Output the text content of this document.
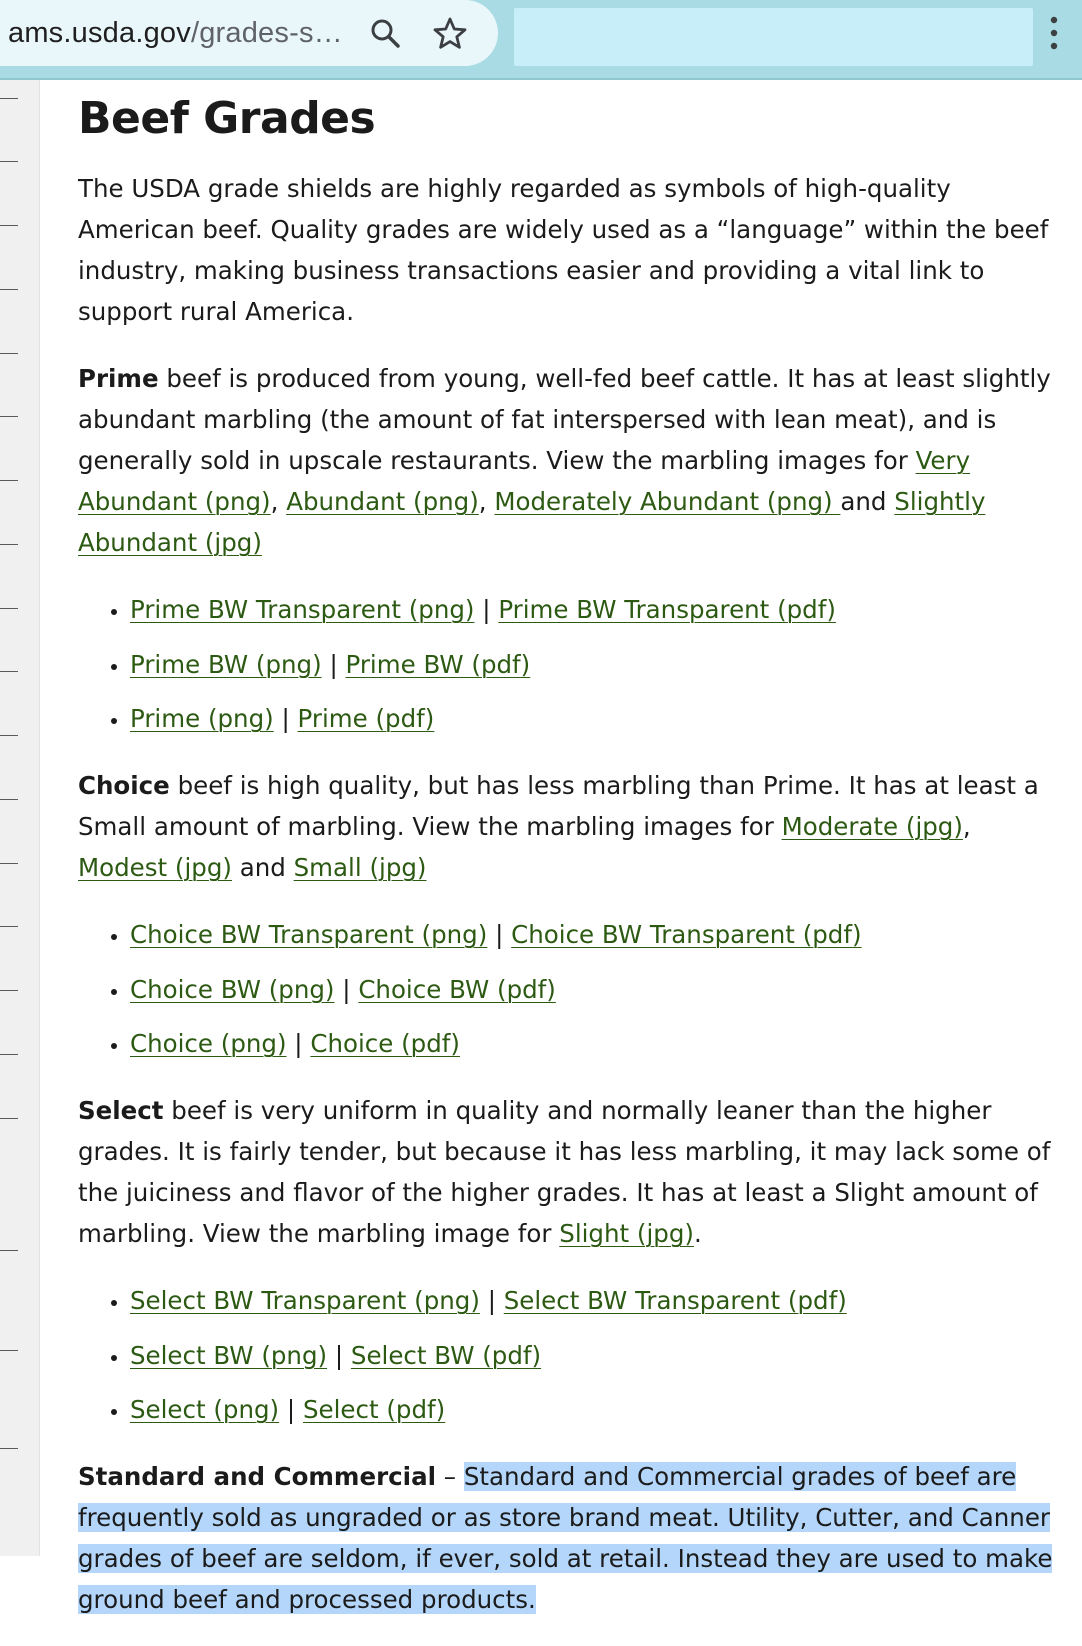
ams.usda.gov/grades-s…
Beef Grades

The USDA grade shields are highly regarded as symbols of high-quality American beef. Quality grades are widely used as a “language” within the beef industry, making business transactions easier and providing a vital link to support rural America.

Prime beef is produced from young, well-fed beef cattle. It has at least slightly abundant marbling (the amount of fat interspersed with lean meat), and is generally sold in upscale restaurants. View the marbling images for Very Abundant (png), Abundant (png), Moderately Abundant (png) and Slightly Abundant (jpg)

• Prime BW Transparent (png) | Prime BW Transparent (pdf)
• Prime BW (png) | Prime BW (pdf)
• Prime (png) | Prime (pdf)

Choice beef is high quality, but has less marbling than Prime. It has at least a Small amount of marbling. View the marbling images for Moderate (jpg), Modest (jpg) and Small (jpg)

• Choice BW Transparent (png) | Choice BW Transparent (pdf)
• Choice BW (png) | Choice BW (pdf)
• Choice (png) | Choice (pdf)

Select beef is very uniform in quality and normally leaner than the higher grades. It is fairly tender, but because it has less marbling, it may lack some of the juiciness and flavor of the higher grades. It has at least a Slight amount of marbling. View the marbling image for Slight (jpg).

• Select BW Transparent (png) | Select BW Transparent (pdf)
• Select BW (png) | Select BW (pdf)
• Select (png) | Select (pdf)

Standard and Commercial – Standard and Commercial grades of beef are frequently sold as ungraded or as store brand meat. Utility, Cutter, and Canner grades of beef are seldom, if ever, sold at retail. Instead they are used to make ground beef and processed products.
